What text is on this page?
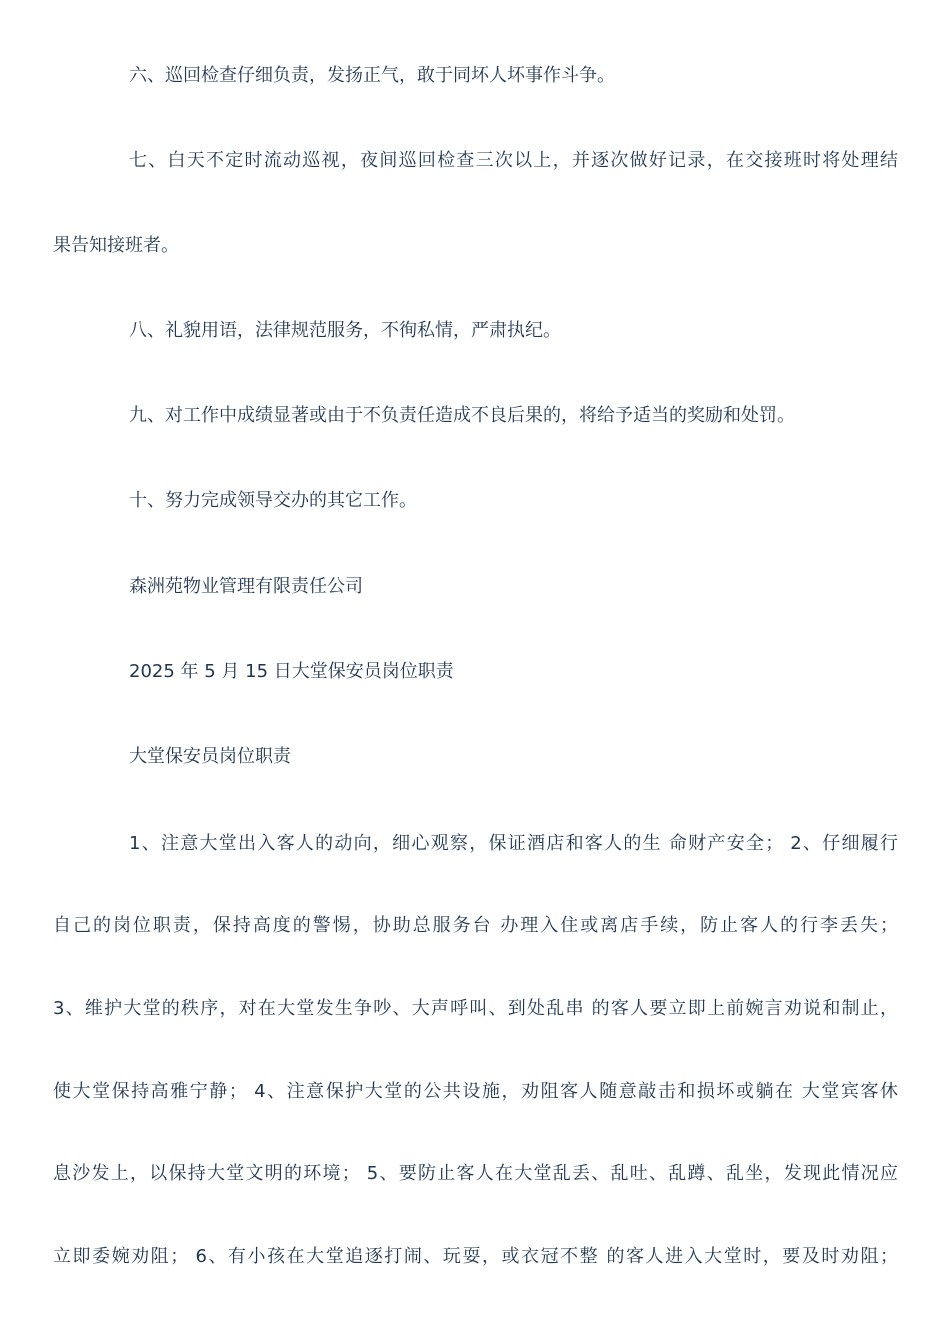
六、巡回检查仔细负责，发扬正气，敢于同坏人坏事作斗争。
七、白天不定时流动巡视，夜间巡回检查三次以上，并逐次做好记录，在交接班时将处理结
果告知接班者。
八、礼貌用语，法律规范服务，不徇私情，严肃执纪。
九、对工作中成绩显著或由于不负责任造成不良后果的，将给予适当的奖励和处罚。
十、努力完成领导交办的其它工作。
森洲苑物业管理有限责任公司
2025 年 5 月 15 日大堂保安员岗位职责
大堂保安员岗位职责
1、注意大堂出入客人的动向，细心观察，保证酒店和客人的生 命财产安全； 2、仔细履行
自己的岗位职责，保持高度的警惕，协助总服务台 办理入住或离店手续，防止客人的行李丢失；
3、维护大堂的秩序，对在大堂发生争吵、大声呼叫、到处乱串 的客人要立即上前婉言劝说和制止，
使大堂保持高雅宁静； 4、注意保护大堂的公共设施，劝阻客人随意敲击和损坏或躺在 大堂宾客休
息沙发上，以保持大堂文明的环境； 5、要防止客人在大堂乱丢、乱吐、乱蹲、乱坐，发现此情况应
立即委婉劝阻； 6、有小孩在大堂追逐打闹、玩耍，或衣冠不整 的客人进入大堂时，要及时劝阻；
